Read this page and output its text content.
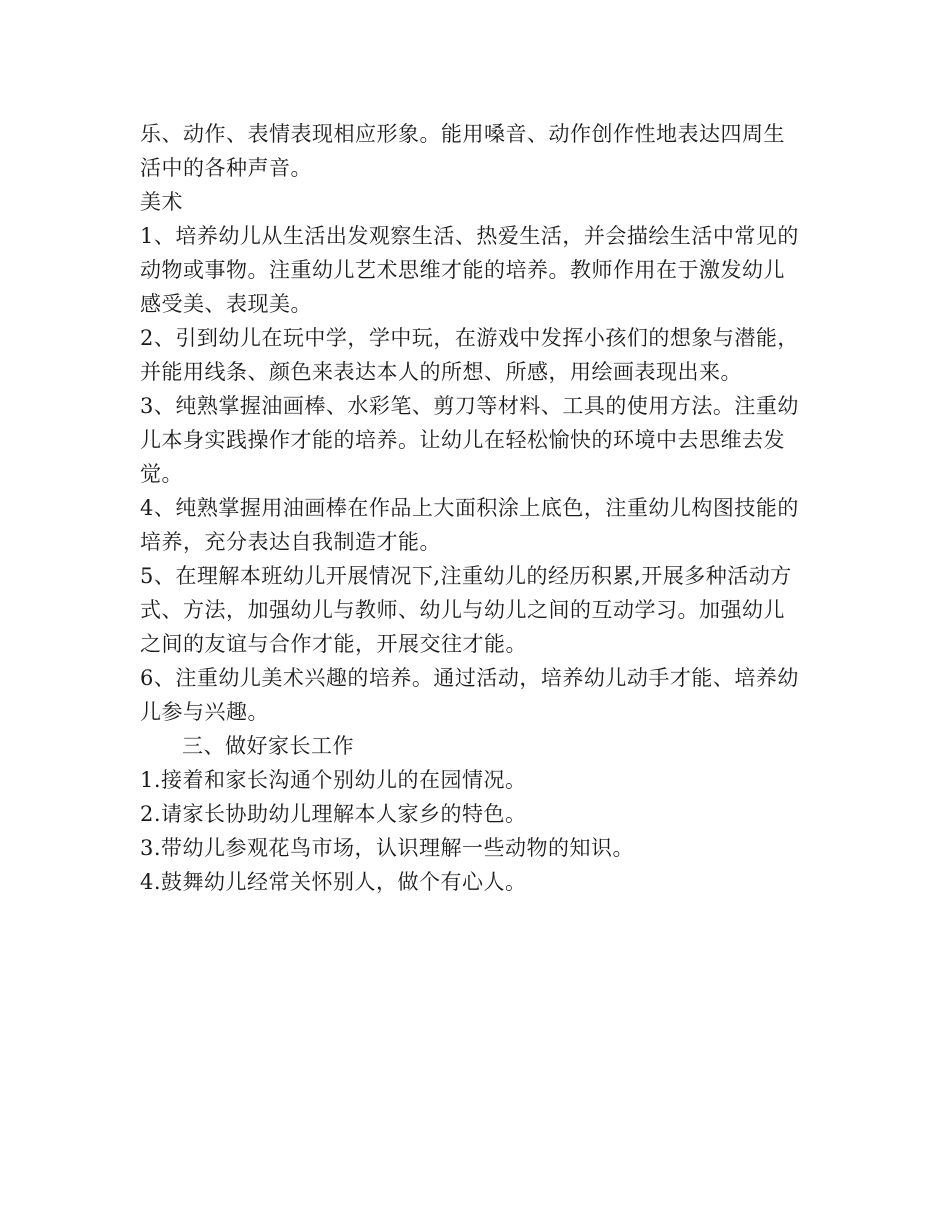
乐、动作、表情表现相应形象。能用嗓音、动作创作性地表达四周生
活中的各种声音。
美术
1、培养幼儿从生活出发观察生活、热爱生活，并会描绘生活中常见的
动物或事物。注重幼儿艺术思维才能的培养。教师作用在于激发幼儿
感受美、表现美。
2、引到幼儿在玩中学，学中玩，在游戏中发挥小孩们的想象与潜能，
并能用线条、颜色来表达本人的所想、所感，用绘画表现出来。
3、纯熟掌握油画棒、水彩笔、剪刀等材料、工具的使用方法。注重幼
儿本身实践操作才能的培养。让幼儿在轻松愉快的环境中去思维去发
觉。
4、纯熟掌握用油画棒在作品上大面积涂上底色，注重幼儿构图技能的
培养，充分表达自我制造才能。
5、在理解本班幼儿开展情况下,注重幼儿的经历积累,开展多种活动方
式、方法，加强幼儿与教师、幼儿与幼儿之间的互动学习。加强幼儿
之间的友谊与合作才能，开展交往才能。
6、注重幼儿美术兴趣的培养。通过活动，培养幼儿动手才能、培养幼
儿参与兴趣。
三、做好家长工作
1.接着和家长沟通个别幼儿的在园情况。
2.请家长协助幼儿理解本人家乡的特色。
3.带幼儿参观花鸟市场，认识理解一些动物的知识。
4.鼓舞幼儿经常关怀别人，做个有心人。
